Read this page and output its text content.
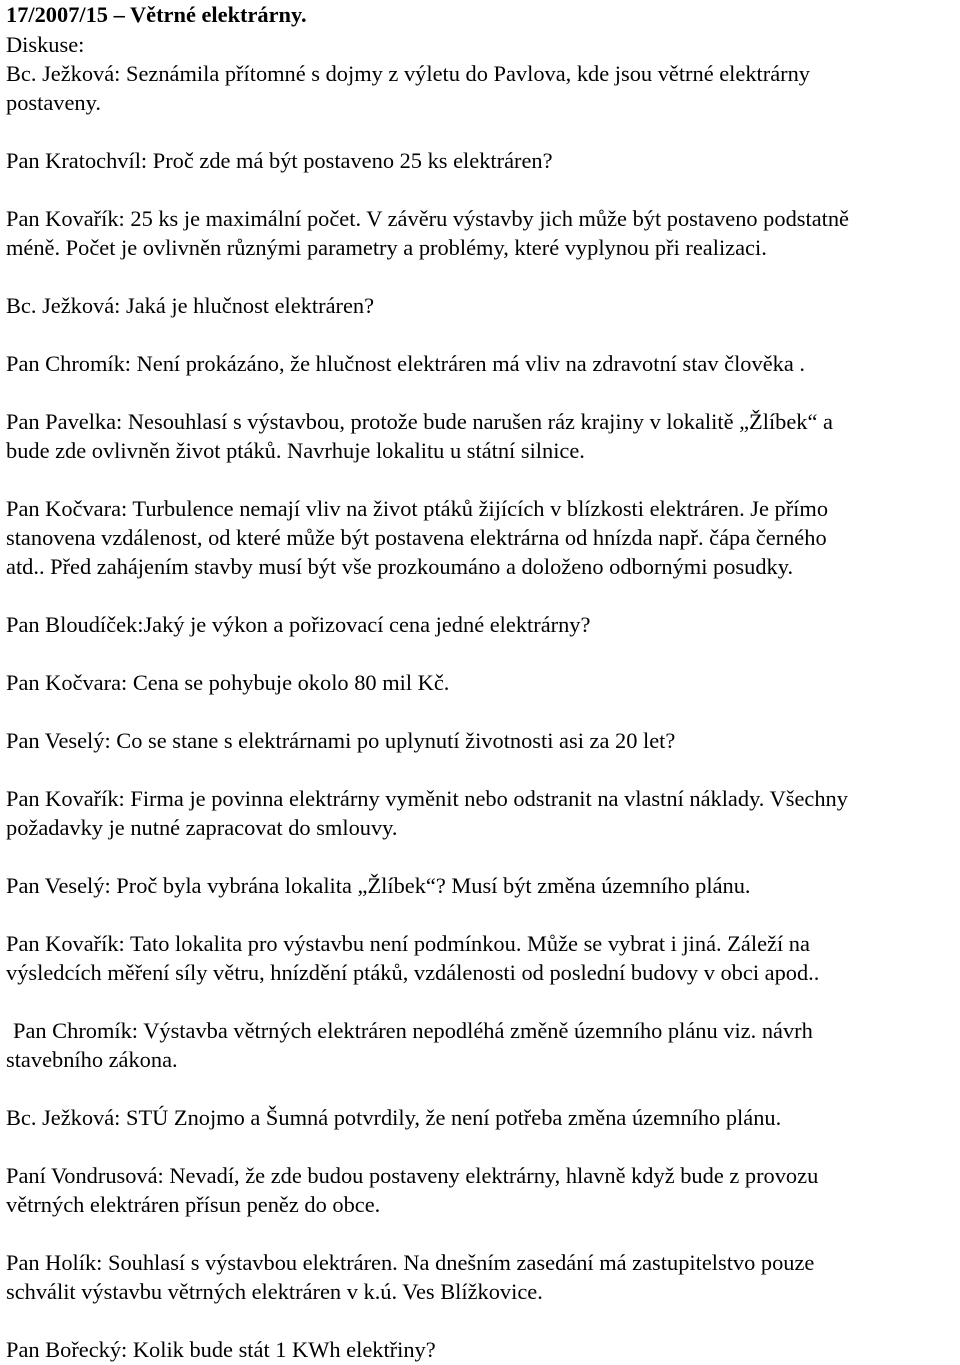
17/2007/15 – Větrné elektrárny.

Diskuse:

Bc. Ježková: Seznámila přítomné s dojmy z výletu do Pavlova, kde jsou větrné elektrárny

postaveny.

Pan Kratochvíl: Proč zde má být postaveno 25 ks elektráren?

Pan Kovařík: 25 ks je maximální počet. V závěru výstavby jich může být postaveno podstatně

méně. Počet je ovlivněn různými parametry a problémy, které vyplynou při realizaci.

Bc. Ježková: Jaká je hlučnost elektráren?

Pan Chromík: Není prokázáno, že hlučnost elektráren má vliv na zdravotní stav člověka .

Pan Pavelka: Nesouhlasí s výstavbou, protože bude narušen ráz krajiny v lokalitě „Žlíbek“ a

bude zde ovlivněn život ptáků. Navrhuje lokalitu u státní silnice.

Pan Kočvara: Turbulence nemají vliv na život ptáků žijících v blízkosti elektráren. Je přímo

stanovena vzdálenost, od které může být postavena elektrárna od hnízda např. čápa černého

atd.. Před zahájením stavby musí být vše prozkoumáno a doloženo odbornými posudky.

Pan Bloudíček:Jaký je výkon a pořizovací cena jedné elektrárny?

Pan Kočvara: Cena se pohybuje okolo 80 mil Kč.

Pan Veselý: Co se stane s elektrárnami po uplynutí životnosti asi za 20 let?

Pan Kovařík: Firma je povinna elektrárny vyměnit nebo odstranit na vlastní náklady. Všechny

požadavky je nutné zapracovat do smlouvy.

Pan Veselý: Proč byla vybrána lokalita „Žlíbek“? Musí být změna územního plánu.

Pan Kovařík: Tato lokalita pro výstavbu není podmínkou. Může se vybrat i jiná. Záleží na

výsledcích měření síly větru, hnízdění ptáků, vzdálenosti od poslední budovy v obci apod..

Pan Chromík: Výstavba větrných elektráren nepodléhá změně územního plánu viz. návrh

stavebního zákona.

Bc. Ježková: STÚ Znojmo a Šumná potvrdily, že není potřeba změna územního plánu.

Paní Vondrusová: Nevadí, že zde budou postaveny elektrárny, hlavně když bude z provozu

větrných elektráren přísun peněz do obce.

Pan Holík: Souhlasí s výstavbou elektráren. Na dnešním zasedání má zastupitelstvo pouze

schválit výstavbu větrných elektráren v k.ú. Ves Blížkovice.

Pan Bořecký: Kolik bude stát 1 KWh elektřiny?
